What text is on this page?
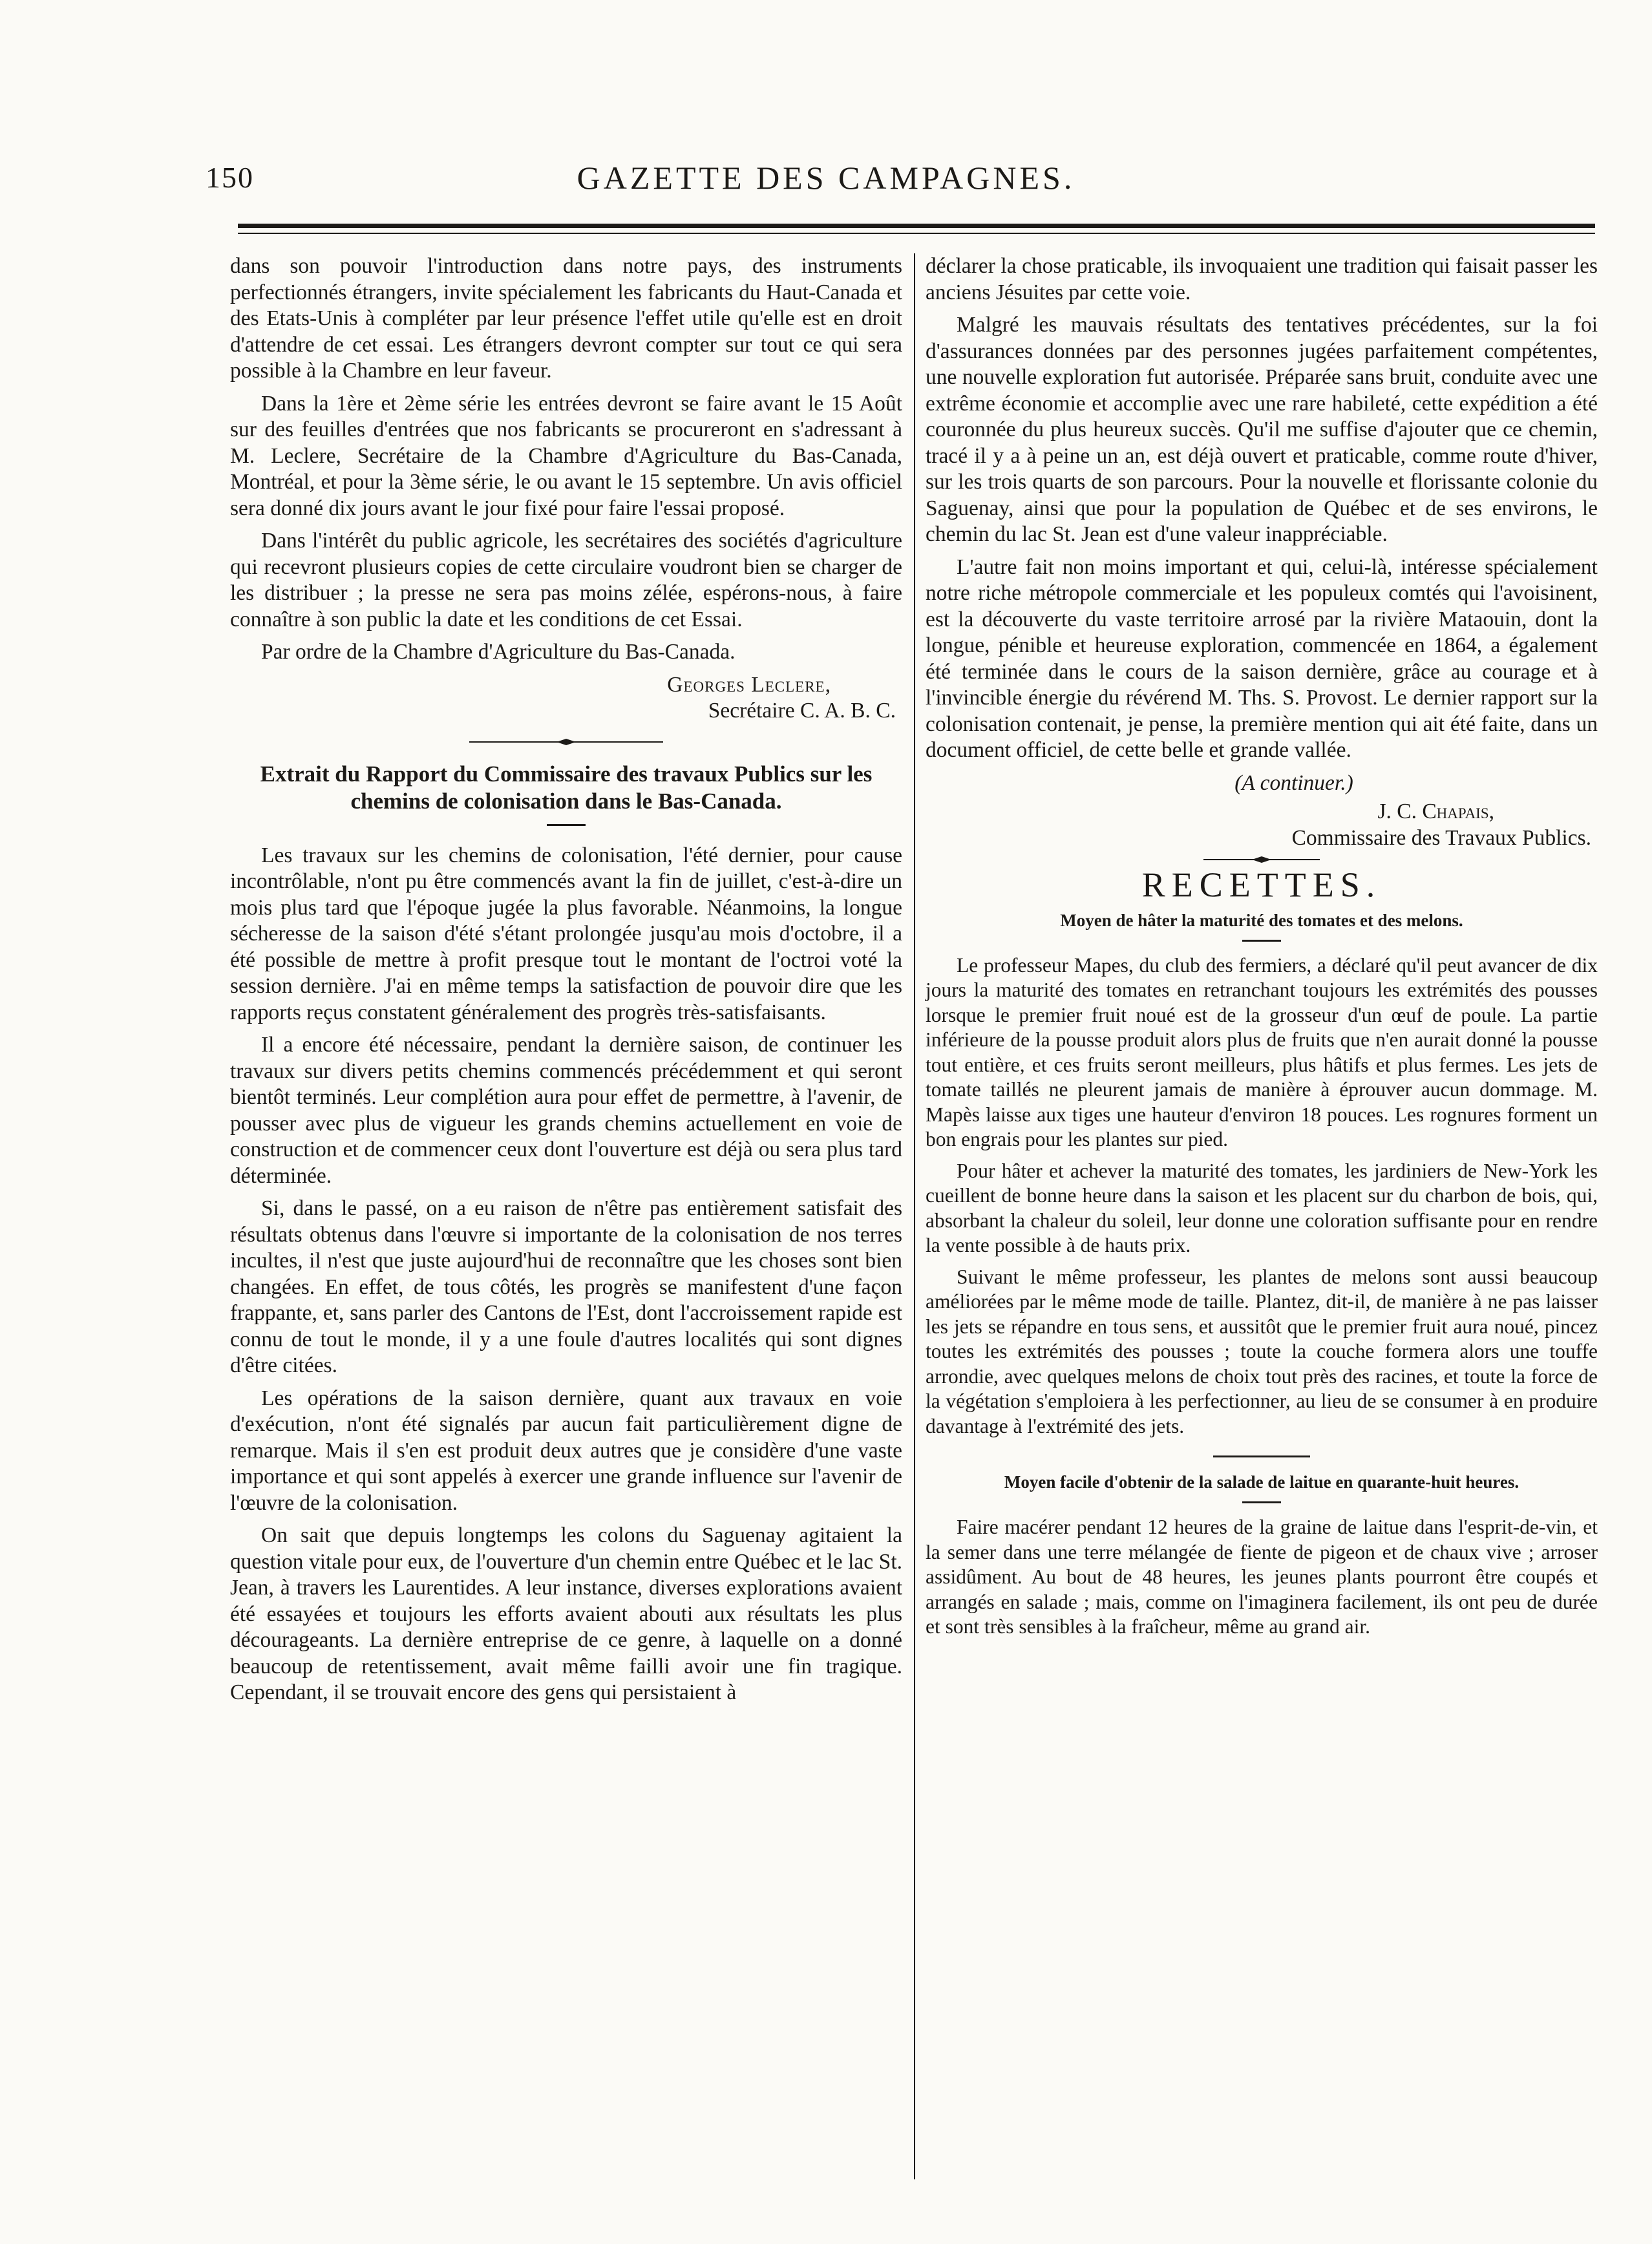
150	GAZETTE DES CAMPAGNES.

dans son pouvoir l'introduction dans notre pays, des instruments perfectionnés étrangers, invite spécialement les fabricants du Haut-Canada et des Etats-Unis à compléter par leur présence l'effet utile qu'elle est en droit d'attendre de cet essai. Les étrangers devront compter sur tout ce qui sera possible à la Chambre en leur faveur.

Dans la 1ère et 2ème série les entrées devront se faire avant le 15 Août sur des feuilles d'entrées que nos fabricants se procureront en s'adressant à M. Leclere, Secrétaire de la Chambre d'Agriculture du Bas-Canada, Montréal, et pour la 3ème série, le ou avant le 15 septembre. Un avis officiel sera donné dix jours avant le jour fixé pour faire l'essai proposé.

Dans l'intérêt du public agricole, les secrétaires des sociétés d'agriculture qui recevront plusieurs copies de cette circulaire voudront bien se charger de les distribuer ; la presse ne sera pas moins zélée, espérons-nous, à faire connaître à son public la date et les conditions de cet Essai.

Par ordre de la Chambre d'Agriculture du Bas-Canada.

Georges Leclere,

Secrétaire C. A. B. C.

Extrait du Rapport du Commissaire des travaux Publics sur les chemins de colonisation dans le Bas-Canada.

Les travaux sur les chemins de colonisation, l'été dernier, pour cause incontrôlable, n'ont pu être commencés avant la fin de juillet, c'est-à-dire un mois plus tard que l'époque jugée la plus favorable. Néanmoins, la longue sécheresse de la saison d'été s'étant prolongée jusqu'au mois d'octobre, il a été possible de mettre à profit presque tout le montant de l'octroi voté la session dernière. J'ai en même temps la satisfaction de pouvoir dire que les rapports reçus constatent généralement des progrès très-satisfaisants.

Il a encore été nécessaire, pendant la dernière saison, de continuer les travaux sur divers petits chemins commencés précédemment et qui seront bientôt terminés. Leur complétion aura pour effet de permettre, à l'avenir, de pousser avec plus de vigueur les grands chemins actuellement en voie de construction et de commencer ceux dont l'ouverture est déjà ou sera plus tard déterminée.

Si, dans le passé, on a eu raison de n'être pas entièrement satisfait des résultats obtenus dans l'œuvre si importante de la colonisation de nos terres incultes, il n'est que juste aujourd'hui de reconnaître que les choses sont bien changées. En effet, de tous côtés, les progrès se manifestent d'une façon frappante, et, sans parler des Cantons de l'Est, dont l'accroissement rapide est connu de tout le monde, il y a une foule d'autres localités qui sont dignes d'être citées.

Les opérations de la saison dernière, quant aux travaux en voie d'exécution, n'ont été signalés par aucun fait particulièrement digne de remarque. Mais il s'en est produit deux autres que je considère d'une vaste importance et qui sont appelés à exercer une grande influence sur l'avenir de l'œuvre de la colonisation.

On sait que depuis longtemps les colons du Saguenay agitaient la question vitale pour eux, de l'ouverture d'un chemin entre Québec et le lac St. Jean, à travers les Laurentides. A leur instance, diverses explorations avaient été essayées et toujours les efforts avaient abouti aux résultats les plus décourageants. La dernière entreprise de ce genre, à laquelle on a donné beaucoup de retentissement, avait même failli avoir une fin tragique. Cependant, il se trouvait encore des gens qui persistaient à

déclarer la chose praticable, ils invoquaient une tradition qui faisait passer les anciens Jésuites par cette voie.

Malgré les mauvais résultats des tentatives précédentes, sur la foi d'assurances données par des personnes jugées parfaitement compétentes, une nouvelle exploration fut autorisée. Préparée sans bruit, conduite avec une extrême économie et accomplie avec une rare habileté, cette expédition a été couronnée du plus heureux succès. Qu'il me suffise d'ajouter que ce chemin, tracé il y a à peine un an, est déjà ouvert et praticable, comme route d'hiver, sur les trois quarts de son parcours. Pour la nouvelle et florissante colonie du Saguenay, ainsi que pour la population de Québec et de ses environs, le chemin du lac St. Jean est d'une valeur inappréciable.

L'autre fait non moins important et qui, celui-là, intéresse spécialement notre riche métropole commerciale et les populeux comtés qui l'avoisinent, est la découverte du vaste territoire arrosé par la rivière Mataouin, dont la longue, pénible et heureuse exploration, commencée en 1864, a également été terminée dans le cours de la saison dernière, grâce au courage et à l'invincible énergie du révérend M. Ths. S. Provost. Le dernier rapport sur la colonisation contenait, je pense, la première mention qui ait été faite, dans un document officiel, de cette belle et grande vallée.

(A continuer.)

J. C. Chapais,

Commissaire des Travaux Publics.

RECETTES.

Moyen de hâter la maturité des tomates et des melons.

Le professeur Mapes, du club des fermiers, a déclaré qu'il peut avancer de dix jours la maturité des tomates en retranchant toujours les extrémités des pousses lorsque le premier fruit noué est de la grosseur d'un œuf de poule. La partie inférieure de la pousse produit alors plus de fruits que n'en aurait donné la pousse tout entière, et ces fruits seront meilleurs, plus hâtifs et plus fermes. Les jets de tomate taillés ne pleurent jamais de manière à éprouver aucun dommage. M. Mapès laisse aux tiges une hauteur d'environ 18 pouces. Les rognures forment un bon engrais pour les plantes sur pied.

Pour hâter et achever la maturité des tomates, les jardiniers de New-York les cueillent de bonne heure dans la saison et les placent sur du charbon de bois, qui, absorbant la chaleur du soleil, leur donne une coloration suffisante pour en rendre la vente possible à de hauts prix.

Suivant le même professeur, les plantes de melons sont aussi beaucoup améliorées par le même mode de taille. Plantez, dit-il, de manière à ne pas laisser les jets se répandre en tous sens, et aussitôt que le premier fruit aura noué, pincez toutes les extrémités des pousses ; toute la couche formera alors une touffe arrondie, avec quelques melons de choix tout près des racines, et toute la force de la végétation s'emploiera à les perfectionner, au lieu de se consumer à en produire davantage à l'extrémité des jets.

Moyen facile d'obtenir de la salade de laitue en quarante-huit heures.

Faire macérer pendant 12 heures de la graine de laitue dans l'esprit-de-vin, et la semer dans une terre mélangée de fiente de pigeon et de chaux vive ; arroser assidûment. Au bout de 48 heures, les jeunes plants pourront être coupés et arrangés en salade ; mais, comme on l'imaginera facilement, ils ont peu de durée et sont très sensibles à la fraîcheur, même au grand air.
